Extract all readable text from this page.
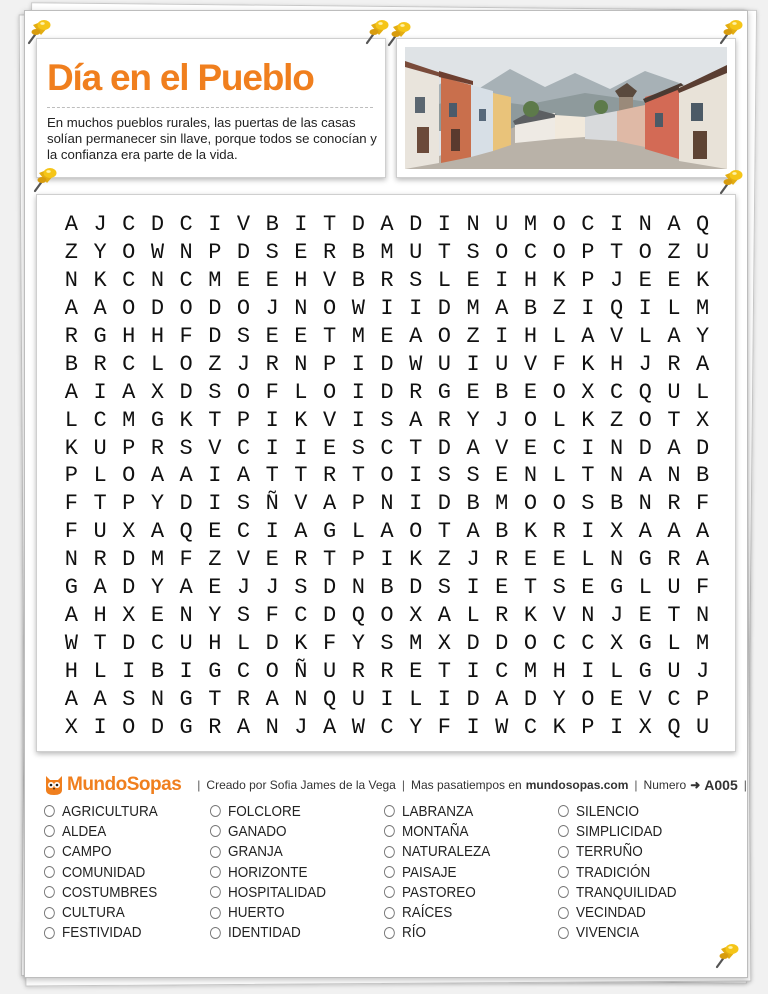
Día en el Pueblo

En muchos pueblos rurales, las puertas de las casas solían permanecer sin llave, porque todos se conocían y la confianza era parte de la vida.

A J C D C I V B I T D A D I N U M O C I N A Q
Z Y O W N P D S E R B M U T S O C O P T O Z U
N K C N C M E E H V B R S L E I H K P J E E K
A A O D O D O J N O W I I D M A B Z I Q I L M
R G H H F D S E E T M E A O Z I H L A V L A Y
B R C L O Z J R N P I D W U I U V F K H J R A
A I A X D S O F L O I D R G E B E O X C Q U L
L C M G K T P I K V I S A R Y J O L K Z O T X
K U P R S V C I I E S C T D A V E C I N D A D
P L O A A I A T T R T O I S S E N L T N A N B
F T P Y D I S Ñ V A P N I D B M O O S B N R F
F U X A Q E C I A G L A O T A B K R I X A A A
N R D M F Z V E R T P I K Z J R E E L N G R A
G A D Y A E J J S D N B D S I E T S E G L U F
A H X E N Y S F C D Q O X A L R K V N J E T N
W T D C U H L D K F Y S M X D D O C C X G L M
H L I B I G C O Ñ U R R E T I C M H I L G U J
A A S N G T R A N Q U I L I D A D Y O E V C P
X I O D G R A N J A W C Y F I W C K P I X Q U
MundoSopas | Creado por Sofia James de la Vega | Mas pasatiempos en mundosopas.com | Numero ➜ A005 |
AGRICULTURA
ALDEA
CAMPO
COMUNIDAD
COSTUMBRES
CULTURA
FESTIVIDAD
FOLCLORE
GANADO
GRANJA
HORIZONTE
HOSPITALIDAD
HUERTO
IDENTIDAD
LABRANZA
MONTAÑA
NATURALEZA
PAISAJE
PASTOREO
RAÍCES
RÍO
SILENCIO
SIMPLICIDAD
TERRUÑO
TRADICIÓN
TRANQUILIDAD
VECINDAD
VIVENCIA
